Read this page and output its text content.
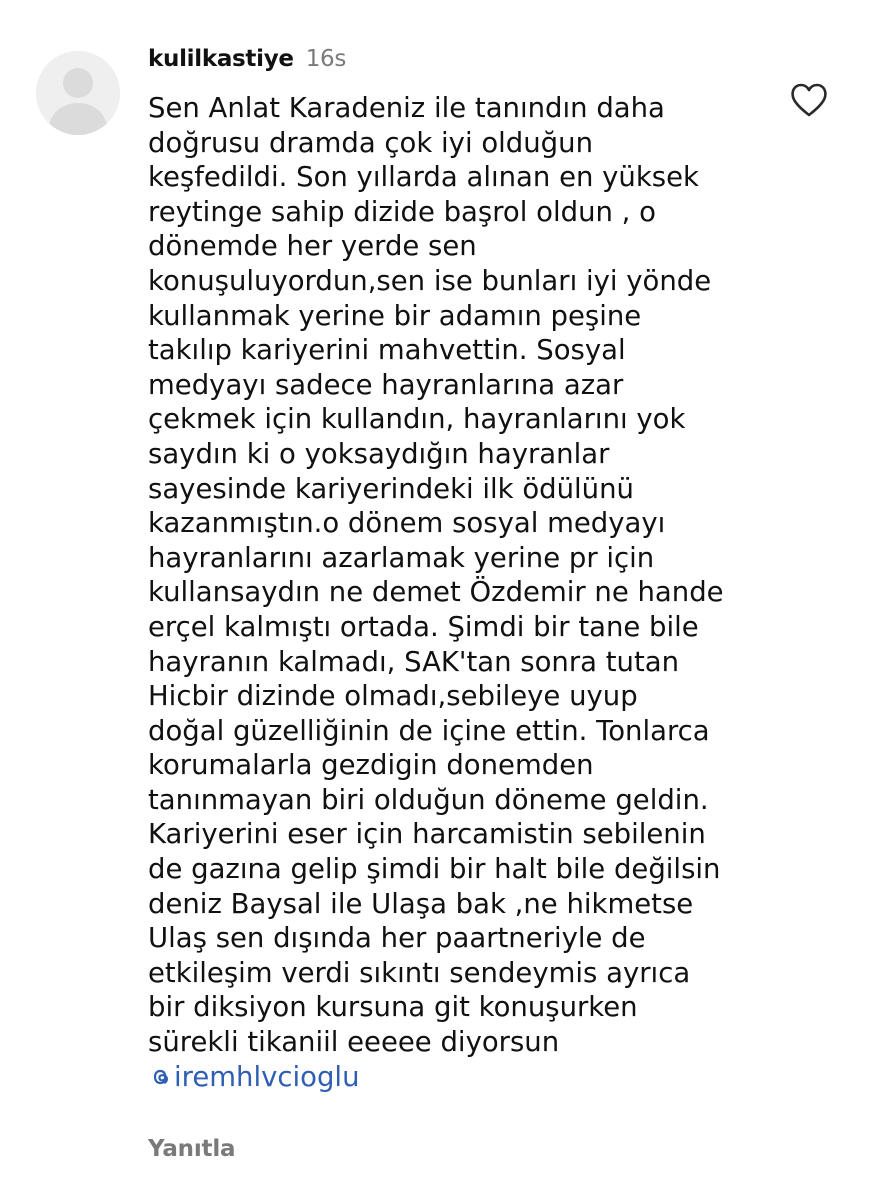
kulilkastiye 16s
Sen Anlat Karadeniz ile tanındın daha
doğrusu dramda çok iyi olduğun
keşfedildi. Son yıllarda alınan en yüksek
reytinge sahip dizide başrol oldun , o
dönemde her yerde sen
konuşuluyordun,sen ise bunları iyi yönde
kullanmak yerine bir adamın peşine
takılıp kariyerini mahvettin. Sosyal
medyayı sadece hayranlarına azar
çekmek için kullandın, hayranlarını yok
saydın ki o yoksaydığın hayranlar
sayesinde kariyerindeki ilk ödülünü
kazanmıştın.o dönem sosyal medyayı
hayranlarını azarlamak yerine pr için
kullansaydın ne demet Özdemir ne hande
erçel kalmıştı ortada. Şimdi bir tane bile
hayranın kalmadı, SAK'tan sonra tutan
Hicbir dizinde olmadı,sebileye uyup
doğal güzelliğinin de içine ettin. Tonlarca
korumalarla gezdigin donemden
tanınmayan biri olduğun döneme geldin.
Kariyerini eser için harcamistin sebilenin
de gazına gelip şimdi bir halt bile değilsin
deniz Baysal ile Ulaşa bak ,ne hikmetse
Ulaş sen dışında her paartneriyle de
etkileşim verdi sıkıntı sendeymis ayrıca
bir diksiyon kursuna git konuşurken
sürekli tikaniil eeeee diyorsun
iremhlvcioglu
Yanıtla
